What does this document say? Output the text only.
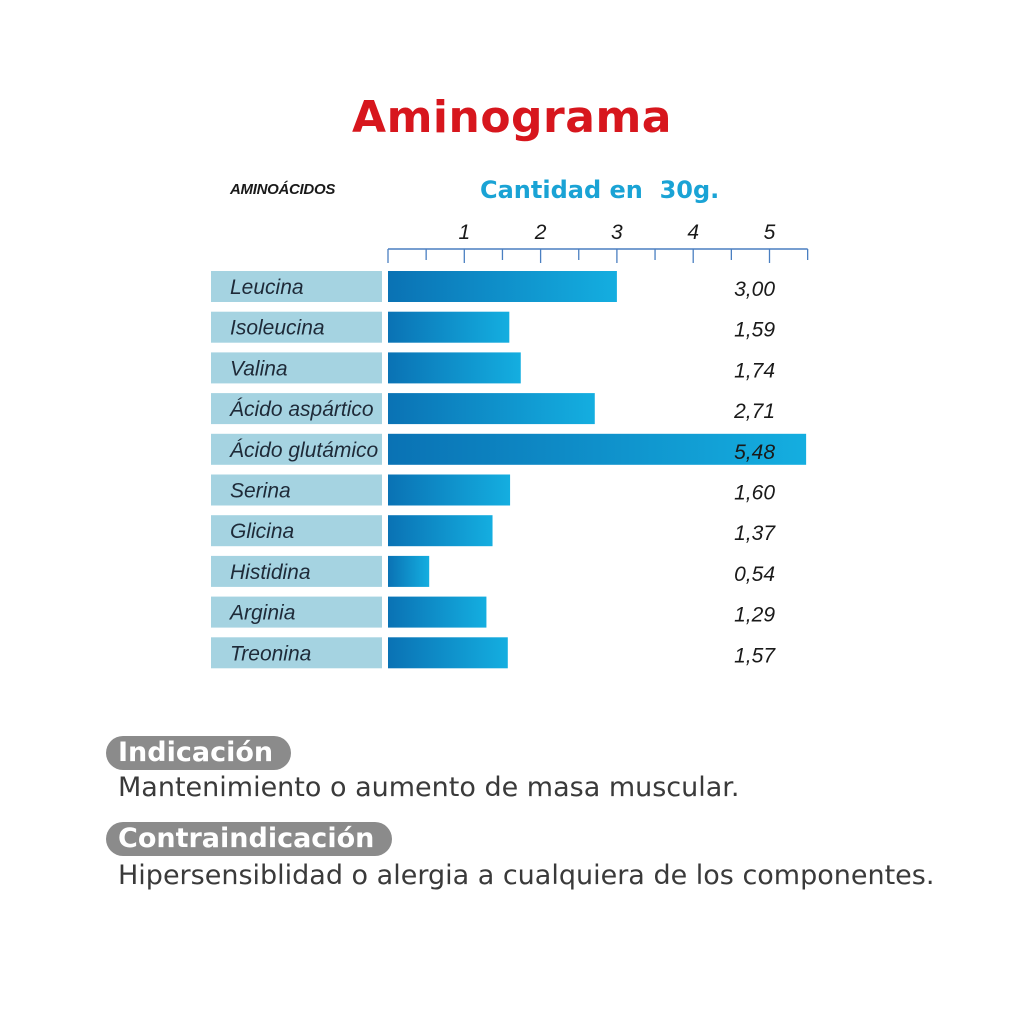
Aminograma
AMINOÁCIDOS	Cantidad en  30g.
1	2	3	4	5
Leucina	3,00
Isoleucina	1,59
Valina	1,74
Ácido aspártico	2,71
Ácido glutámico	5,48
Serina	1,60
Glicina	1,37
Histidina	0,54
Arginia	1,29
Treonina	1,57
Indicación
Mantenimiento o aumento de masa muscular.
Contraindicación
Hipersensiblidad o alergia a cualquiera de los componentes.
